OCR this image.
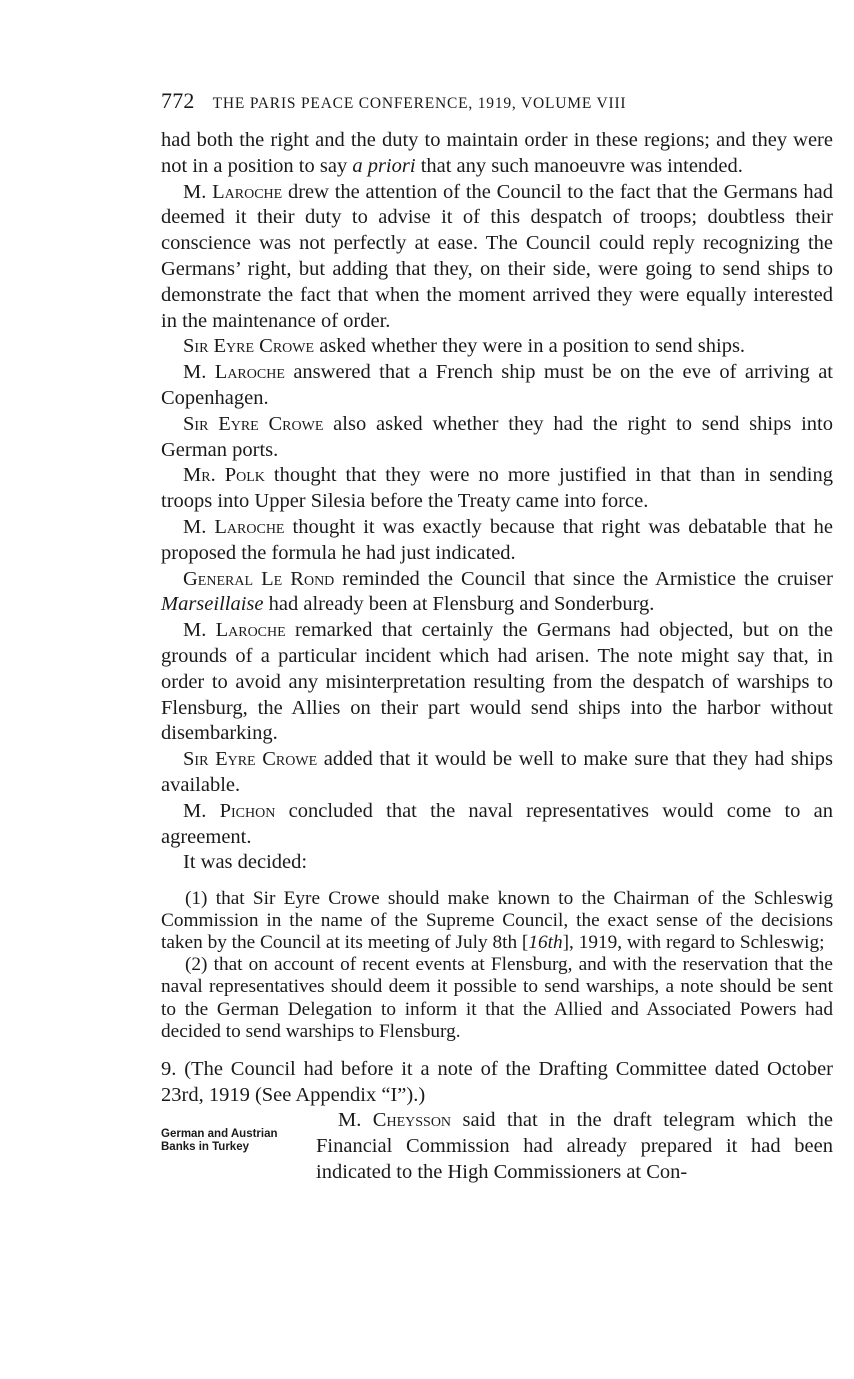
772 THE PARIS PEACE CONFERENCE, 1919, VOLUME VIII

had both the right and the duty to maintain order in these regions; and they were not in a position to say a priori that any such manoeuvre was intended.

M. Laroche drew the attention of the Council to the fact that the Germans had deemed it their duty to advise it of this despatch of troops; doubtless their conscience was not perfectly at ease. The Council could reply recognizing the Germans’ right, but adding that they, on their side, were going to send ships to demonstrate the fact that when the moment arrived they were equally interested in the maintenance of order.

Sir Eyre Crowe asked whether they were in a position to send ships.

M. Laroche answered that a French ship must be on the eve of arriving at Copenhagen.

Sir Eyre Crowe also asked whether they had the right to send ships into German ports.

Mr. Polk thought that they were no more justified in that than in sending troops into Upper Silesia before the Treaty came into force.

M. Laroche thought it was exactly because that right was debatable that he proposed the formula he had just indicated.

General Le Rond reminded the Council that since the Armistice the cruiser Marseillaise had already been at Flensburg and Sonderburg.

M. Laroche remarked that certainly the Germans had objected, but on the grounds of a particular incident which had arisen. The note might say that, in order to avoid any misinterpretation resulting from the despatch of warships to Flensburg, the Allies on their part would send ships into the harbor without disembarking.

Sir Eyre Crowe added that it would be well to make sure that they had ships available.

M. Pichon concluded that the naval representatives would come to an agreement.

It was decided:

(1) that Sir Eyre Crowe should make known to the Chairman of the Schleswig Commission in the name of the Supreme Council, the exact sense of the decisions taken by the Council at its meeting of July 8th [16th], 1919, with regard to Schleswig;

(2) that on account of recent events at Flensburg, and with the reservation that the naval representatives should deem it possible to send warships, a note should be sent to the German Delegation to inform it that the Allied and Associated Powers had decided to send warships to Flensburg.

9. (The Council had before it a note of the Drafting Committee dated October 23rd, 1919 (See Appendix “I”).)

German and Austrian Banks in Turkey
M. Cheysson said that in the draft telegram which the Financial Commission had already prepared it had been indicated to the High Commissioners at Con-
